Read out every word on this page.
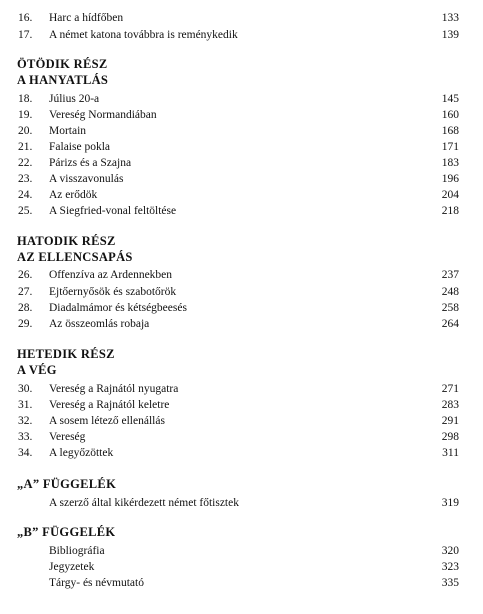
16. Harc a hídfőben	133
17. A német katona továbbra is reménykedik	139
ÖTÖDIK RÉSZ
A HANYATLÁS
18. Július 20-a	145
19. Vereség Normandiában	160
20. Mortain	168
21. Falaise pokla	171
22. Párizs és a Szajna	183
23. A visszavonulás	196
24. Az erődök	204
25. A Siegfried-vonal feltöltése	218
HATODIK RÉSZ
AZ ELLENCSAPÁS
26. Offenzíva az Ardennekben	237
27. Ejtőernyősök és szabotőrök	248
28. Diadalmámor és kétségbeesés	258
29. Az összeomlás robaja	264
HETEDIK RÉSZ
A VÉG
30. Vereség a Rajnától nyugatra	271
31. Vereség a Rajnától keletre	283
32. A sosem létező ellenállás	291
33. Vereség	298
34. A legyőzöttek	311
„A” FÜGGELÉK
A szerző által kikérdezett német főtisztek	319
„B” FÜGGELÉK
Bibliográfia	320
Jegyzetek	323
Tárgy- és névmutató	335
